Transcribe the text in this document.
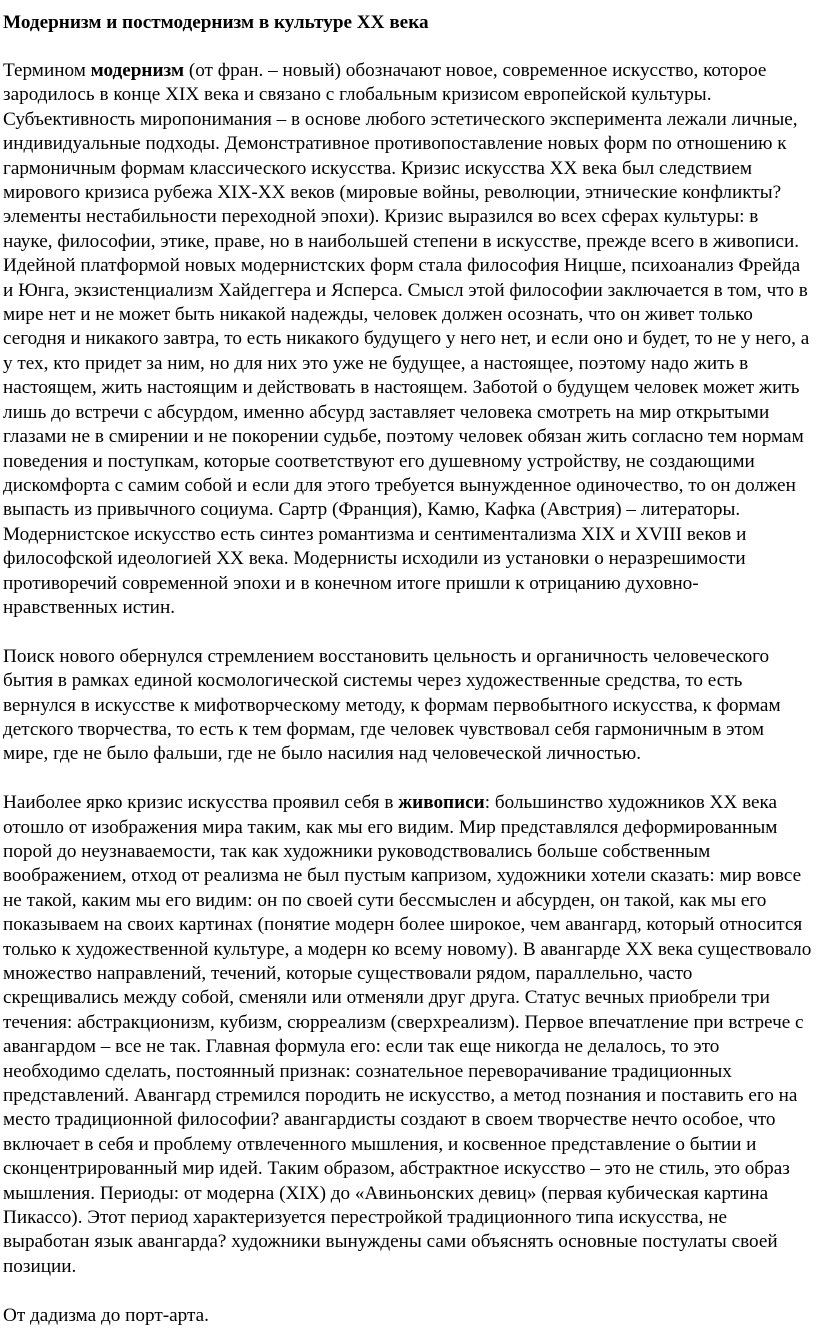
Модернизм и постмодернизм в культуре ХХ века

Термином модернизм (от фран. – новый) обозначают новое, современное искусство, которое зародилось в конце XIX века и связано с глобальным кризисом европейской культуры. Субъективность миропонимания – в основе любого эстетического эксперимента лежали личные, индивидуальные подходы. Демонстративное противопоставление новых форм по отношению к гармоничным формам классического искусства. Кризис искусства ХХ века был следствием мирового кризиса рубежа XIX-XX веков (мировые войны, революции, этнические конфликты? элементы нестабильности переходной эпохи). Кризис выразился во всех сферах культуры: в науке, философии, этике, праве, но в наибольшей степени в искусстве, прежде всего в живописи. Идейной платформой новых модернистских форм стала философия Ницше, психоанализ Фрейда и Юнга, экзистенциализм Хайдеггера и Ясперса. Смысл этой философии заключается в том, что в мире нет и не может быть никакой надежды, человек должен осознать, что он живет только сегодня и никакого завтра, то есть никакого будущего у него нет, и если оно и будет, то не у него, а у тех, кто придет за ним, но для них это уже не будущее, а настоящее, поэтому надо жить в настоящем, жить настоящим и действовать в настоящем. Заботой о будущем человек может жить лишь до встречи с абсурдом, именно абсурд заставляет человека смотреть на мир открытыми глазами не в смирении и не покорении судьбе, поэтому человек обязан жить согласно тем нормам поведения и поступкам, которые соответствуют его душевному устройству, не создающими дискомфорта с самим собой и если для этого требуется вынужденное одиночество, то он должен выпасть из привычного социума. Сартр (Франция), Камю, Кафка (Австрия) – литераторы. Модернистское искусство есть синтез романтизма и сентиментализма XIX и XVIII веков и философской идеологией XX века. Модернисты исходили из установки о неразрешимости противоречий современной эпохи и в конечном итоге пришли к отрицанию духовно-нравственных истин.

Поиск нового обернулся стремлением восстановить цельность и органичность человеческого бытия в рамках единой космологической системы через художественные средства, то есть вернулся в искусстве к мифотворческому методу, к формам первобытного искусства, к формам детского творчества, то есть к тем формам, где человек чувствовал себя гармоничным в этом мире, где не было фальши, где не было насилия над человеческой личностью.

Наиболее ярко кризис искусства проявил себя в живописи: большинство художников ХХ века отошло от изображения мира таким, как мы его видим. Мир представлялся деформированным порой до неузнаваемости, так как художники руководствовались больше собственным воображением, отход от реализма не был пустым капризом, художники хотели сказать: мир вовсе не такой, каким мы его видим: он по своей сути бессмыслен и абсурден, он такой, как мы его показываем на своих картинах (понятие модерн более широкое, чем авангард, который относится только к художественной культуре, а модерн ко всему новому). В авангарде ХХ века существовало множество направлений, течений, которые существовали рядом, параллельно, часто скрещивались между собой, сменяли или отменяли друг друга. Статус вечных приобрели три течения: абстракционизм, кубизм, сюрреализм (сверхреализм). Первое впечатление при встрече с авангардом – все не так. Главная формула его: если так еще никогда не делалось, то это необходимо сделать, постоянный признак: сознательное переворачивание традиционных представлений. Авангард стремился породить не искусство, а метод познания и поставить его на место традиционной философии? авангардисты создают в своем творчестве нечто особое, что включает в себя и проблему отвлеченного мышления, и косвенное представление о бытии и сконцентрированный мир идей. Таким образом, абстрактное искусство – это не стиль, это образ мышления. Периоды: от модерна (XIX) до «Авиньонских девиц» (первая кубическая картина Пикассо). Этот период характеризуется перестройкой традиционного типа искусства, не выработан язык авангарда? художники вынуждены сами объяснять основные постулаты своей позиции.

От дадизма до порт-арта.
